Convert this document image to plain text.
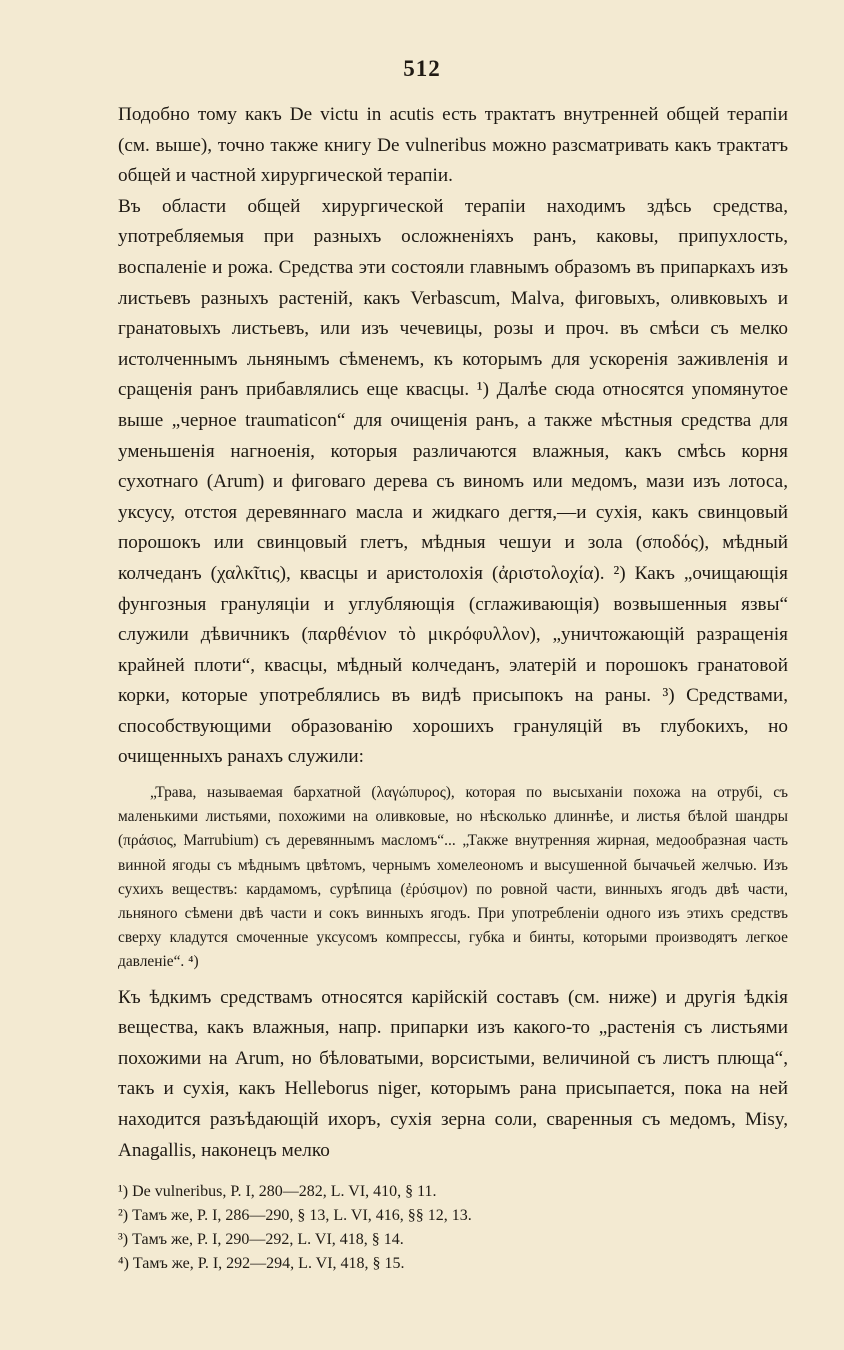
512

Подобно тому какъ De victu in acutis есть трактатъ внутренней общей терапіи (см. выше), точно также книгу De vulneribus можно разсматривать какъ трактатъ общей и частной хирургической терапіи.

Въ области общей хирургической терапіи находимъ здѣсь средства, употребляемыя при разныхъ осложненіяхъ ранъ, каковы, припухлость, воспаленіе и рожа. Средства эти состояли главнымъ образомъ въ припаркахъ изъ листьевъ разныхъ растеній, какъ Verbascum, Malva, фиговыхъ, оливковыхъ и гранатовыхъ листьевъ, или изъ чечевицы, розы и проч. въ смѣси съ мелко истолченнымъ льнянымъ сѣменемъ, къ которымъ для ускоренія заживленія и сращенія ранъ прибавлялись еще квасцы. ¹) Далѣе сюда относятся упомянутое выше „черное traumaticon“ для очищенія ранъ, а также мѣстныя средства для уменьшенія нагноенія, которыя различаются влажныя, какъ смѣсь корня сухотнаго (Arum) и фиговаго дерева съ виномъ или медомъ, мази изъ лотоса, уксусу, отстоя деревяннаго масла и жидкаго дегтя,—и сухія, какъ свинцовый порошокъ или свинцовый глетъ, мѣдныя чешуи и зола (σποδός), мѣдный колчеданъ (χαλκῖτις), квасцы и аристолохія (ἀριστολοχία). ²) Какъ „очищающія фунгозныя грануляціи и углубляющія (сглаживающія) возвышенныя язвы“ служили дѣвичникъ (παρθένιον τὸ μικρόφυλλον), „уничтожающій разращенія крайней плоти“, квасцы, мѣдный колчеданъ, элатерій и порошокъ гранатовой корки, которые употреблялись въ видѣ присыпокъ на раны. ³) Средствами, способствующими образованію хорошихъ грануляцій въ глубокихъ, но очищенныхъ ранахъ служили:

„Трава, называемая бархатной (λαγώπυρος), которая по высыханіи похожа на отрубі, съ маленькими листьями, похожими на оливковые, но нѣсколько длиннѣе, и листья бѣлой шандры (πράσιος, Marrubium) съ деревяннымъ масломъ“... „Также внутренняя жирная, медообразная часть винной ягоды съ мѣднымъ цвѣтомъ, чернымъ хомелеономъ и высушенной бычачьей желчью. Изъ сухихъ веществъ: кардамомъ, сурѣпица (ἐρύσιμον) по ровной части, винныхъ ягодъ двѣ части, льняного сѣмени двѣ части и сокъ винныхъ ягодъ. При употребленіи одного изъ этихъ средствъ сверху кладутся смоченные уксусомъ компрессы, губка и бинты, которыми производятъ легкое давленіе“. ⁴)

Къ ѣдкимъ средствамъ относятся карійскій составъ (см. ниже) и другія ѣдкія вещества, какъ влажныя, напр. припарки изъ какого-то „растенія съ листьями похожими на Arum, но бѣловатыми, ворсистыми, величиной съ листъ плюща“, такъ и сухія, какъ Helleborus niger, которымъ рана присыпается, пока на ней находится разъѣдающій ихоръ, сухія зерна соли, сваренныя съ медомъ, Misy, Anagallis, наконецъ мелко

¹) De vulneribus, P. I, 280—282, L. VI, 410, § 11.
²) Тамъ же, P. I, 286—290, § 13, L. VI, 416, §§ 12, 13.
³) Тамъ же, P. I, 290—292, L. VI, 418, § 14.
⁴) Тамъ же, P. I, 292—294, L. VI, 418, § 15.
